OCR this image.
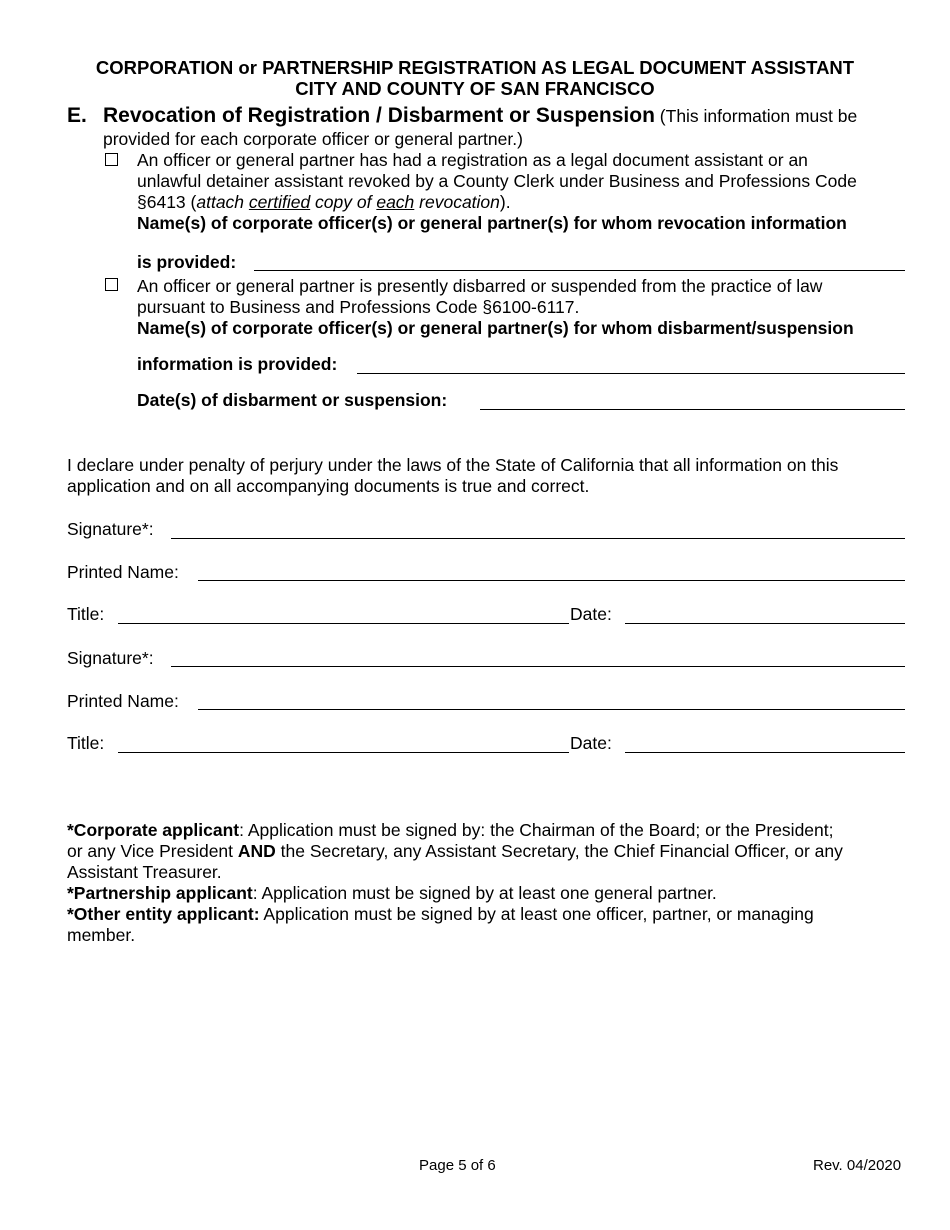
CORPORATION or PARTNERSHIP REGISTRATION AS LEGAL DOCUMENT ASSISTANT
CITY AND COUNTY OF SAN FRANCISCO
E. Revocation of Registration / Disbarment or Suspension (This information must be
provided for each corporate officer or general partner.)
An officer or general partner has had a registration as a legal document assistant or an
unlawful detainer assistant revoked by a County Clerk under Business and Professions Code
§6413 (attach certified copy of each revocation).
Name(s) of corporate officer(s) or general partner(s) for whom revocation information
is provided:
An officer or general partner is presently disbarred or suspended from the practice of law
pursuant to Business and Professions Code §6100-6117.
Name(s) of corporate officer(s) or general partner(s) for whom disbarment/suspension
information is provided:
Date(s) of disbarment or suspension:
I declare under penalty of perjury under the laws of the State of California that all information on this
application and on all accompanying documents is true and correct.
Signature*:
Printed Name:
Title:	Date:
Signature*:
Printed Name:
Title:	Date:
*Corporate applicant: Application must be signed by: the Chairman of the Board; or the President;
or any Vice President AND the Secretary, any Assistant Secretary, the Chief Financial Officer, or any
Assistant Treasurer.
*Partnership applicant: Application must be signed by at least one general partner.
*Other entity applicant: Application must be signed by at least one officer, partner, or managing
member.
Page 5 of 6	Rev. 04/2020
